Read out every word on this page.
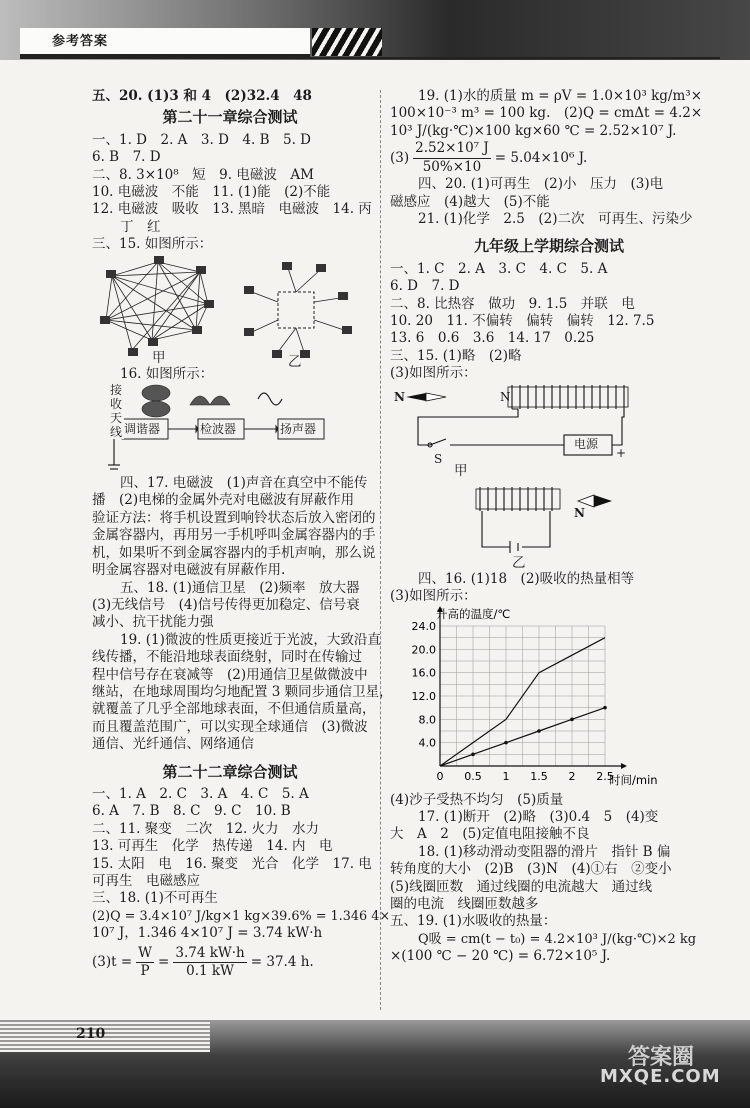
参考答案
五、20. (1)3 和 4　(2)32.4　48
第二十一章综合测试
一、1. D　2. A　3. D　4. B　5. D
6. B　7. D
二、8. 3×10⁸　短　9. 电磁波　AM
10. 电磁波　不能　11. (1)能　(2)不能
12. 电磁波　吸收　13. 黑暗　电磁波　14. 丙
丁　红
三、15. 如图所示：
甲	乙
16. 如图所示：
接收天线 调谐器	检波器	扬声器
四、17. 电磁波　(1)声音在真空中不能传
播　(2)电梯的金属外壳对电磁波有屏蔽作用
验证方法：将手机设置到响铃状态后放入密闭的
金属容器内，再用另一手机呼叫金属容器内的手
机，如果听不到金属容器内的手机声响，那么说
明金属容器对电磁波有屏蔽作用.
五、18. (1)通信卫星　(2)频率　放大器
(3)无线信号　(4)信号传得更加稳定、信号衰
减小、抗干扰能力强
19. (1)微波的性质更接近于光波，大致沿直
线传播，不能沿地球表面绕射，同时在传输过
程中信号存在衰减等　(2)用通信卫星做微波中
继站，在地球周围均匀地配置 3 颗同步通信卫星，
就覆盖了几乎全部地球表面，不但通信质量高，
而且覆盖范围广，可以实现全球通信　(3)微波
通信、光纤通信、网络通信
第二十二章综合测试
一、1. A　2. C　3. A　4. C　5. A
6. A　7. B　8. C　9. C　10. B
二、11. 聚变　二次　12. 火力　水力
13. 可再生　化学　热传递　14. 内　电
15. 太阳　电　16. 聚变　光合　化学　17. 电
可再生　电磁感应
三、18. (1)不可再生
(2)Q = 3.4×10⁷ J/kg×1 kg×39.6% = 1.346 4×
10⁷ J，1.346 4×10⁷ J = 3.74 kW·h
$(3)t = \frac{W}{P} = \frac{3.74 kW\cdot h}{0.1 kW} = 37.4$ h.
19. (1)水的质量 m = ρV = 1.0×10³ kg/m³×
100×10⁻³ m³ = 100 kg.　(2)Q = cmΔt = 4.2×
10³ J/(kg·℃)×100 kg×60 ℃ = 2.52×10⁷ J.
$(3) \frac{\text{2.52×10⁷ J}}{50\%\times 10} = 5.04\times 10^6$ J.
四、20. (1)可再生　(2)小　压力　(3)电
磁感应　(4)越大　(5)不能
21. (1)化学　2.5　(2)二次　可再生、污染少
九年级上学期综合测试
一、1. C　2. A　3. C　4. C　5. A
6. D　7. D
二、8. 比热容　做功　9. 1.5　并联　电
10. 20　11. 不偏转　偏转　偏转　12. 7.5
13. 6　0.6　3.6　14. 17　0.25
三、15. (1)略　(2)略
(3)如图所示：
N	N
S
电源
+
甲
N
乙
四、16. (1)18　(2)吸收的热量相等
(3)如图所示：
0 0.5 1 1.5 2 2.5
4.0
8.0
12.0
16.0
20.0
24.0
升高的温度/℃
时间/min
(4)沙子受热不均匀　(5)质量
17. (1)断开　(2)略　(3)0.4　5　(4)变
大　A　2　(5)定值电阻接触不良
18. (1)移动滑动变阻器的滑片　指针 B 偏
转角度的大小　(2)B　(3)N　(4)①右　②变小
(5)线圈匝数　通过线圈的电流越大　通过线
圈的电流　线圈匝数越多
五、19. (1)水吸收的热量：
Q吸 = cm(t − t₀) = 4.2×10³ J/(kg·℃)×2 kg
×(100 ℃ − 20 ℃) = 6.72×10⁵ J.
210
答案圈
MXQE.COM
